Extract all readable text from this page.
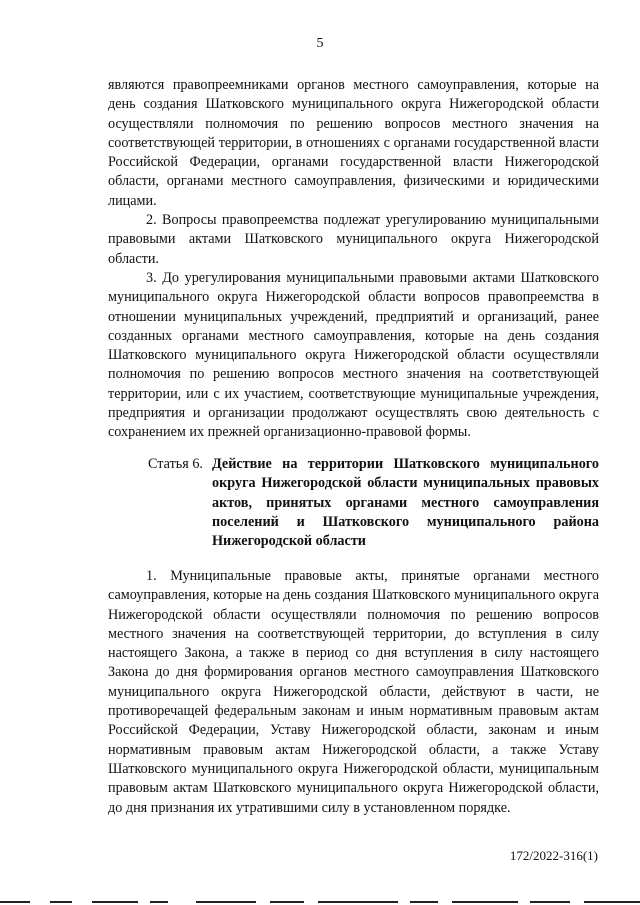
5

являются правопреемниками органов местного самоуправления, которые на день создания Шатковского муниципального округа Нижегородской области осуществляли полномочия по решению вопросов местного значения на соответствующей территории, в отношениях с органами государственной власти Российской Федерации, органами государственной власти Нижегородской области, органами местного самоуправления, физическими и юридическими лицами.

2. Вопросы правопреемства подлежат урегулированию муниципальными правовыми актами Шатковского муниципального округа Нижегородской области.

3. До урегулирования муниципальными правовыми актами Шатковского муниципального округа Нижегородской области вопросов правопреемства в отношении муниципальных учреждений, предприятий и организаций, ранее созданных органами местного самоуправления, которые на день создания Шатковского муниципального округа Нижегородской области осуществляли полномочия по решению вопросов местного значения на соответствующей территории, или с их участием, соответствующие муниципальные учреждения, предприятия и организации продолжают осуществлять свою деятельность с сохранением их прежней организационно-правовой формы.

Статья 6. Действие на территории Шатковского муниципального округа Нижегородской области муниципальных правовых актов, принятых органами местного самоуправления поселений и Шатковского муниципального района Нижегородской области

1. Муниципальные правовые акты, принятые органами местного самоуправления, которые на день создания Шатковского муниципального округа Нижегородской области осуществляли полномочия по решению вопросов местного значения на соответствующей территории, до вступления в силу настоящего Закона, а также в период со дня вступления в силу настоящего Закона до дня формирования органов местного самоуправления Шатковского муниципального округа Нижегородской области, действуют в части, не противоречащей федеральным законам и иным нормативным правовым актам Российской Федерации, Уставу Нижегородской области, законам и иным нормативным правовым актам Нижегородской области, а также Уставу Шатковского муниципального округа Нижегородской области, муниципальным правовым актам Шатковского муниципального округа Нижегородской области, до дня признания их утратившими силу в установленном порядке.

172/2022-316(1)
